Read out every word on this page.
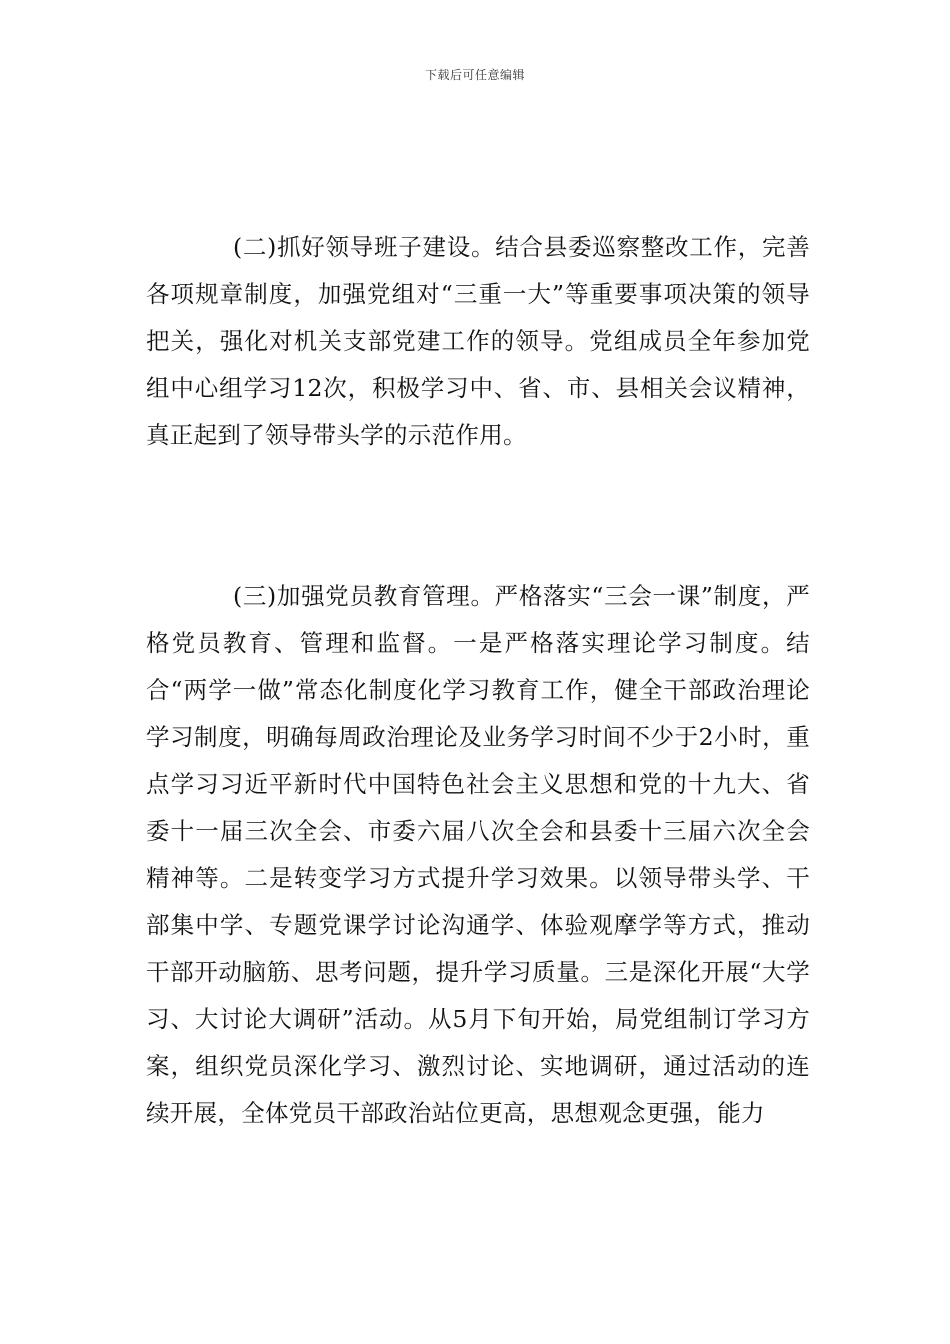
下载后可任意编辑

(二)抓好领导班子建设。结合县委巡察整改工作，完善各项规章制度，加强党组对“三重一大”等重要事项决策的领导把关，强化对机关支部党建工作的领导。党组成员全年参加党组中心组学习12次，积极学习中、省、市、县相关会议精神，真正起到了领导带头学的示范作用。

(三)加强党员教育管理。严格落实“三会一课”制度，严格党员教育、管理和监督。一是严格落实理论学习制度。结合“两学一做”常态化制度化学习教育工作，健全干部政治理论学习制度，明确每周政治理论及业务学习时间不少于2小时，重点学习习近平新时代中国特色社会主义思想和党的十九大、省委十一届三次全会、市委六届八次全会和县委十三届六次全会精神等。二是转变学习方式提升学习效果。以领导带头学、干部集中学、专题党课学讨论沟通学、体验观摩学等方式，推动干部开动脑筋、思考问题，提升学习质量。三是深化开展“大学习、大讨论大调研”活动。从5月下旬开始，局党组制订学习方案，组织党员深化学习、激烈讨论、实地调研，通过活动的连续开展，全体党员干部政治站位更高，思想观念更强，能力
